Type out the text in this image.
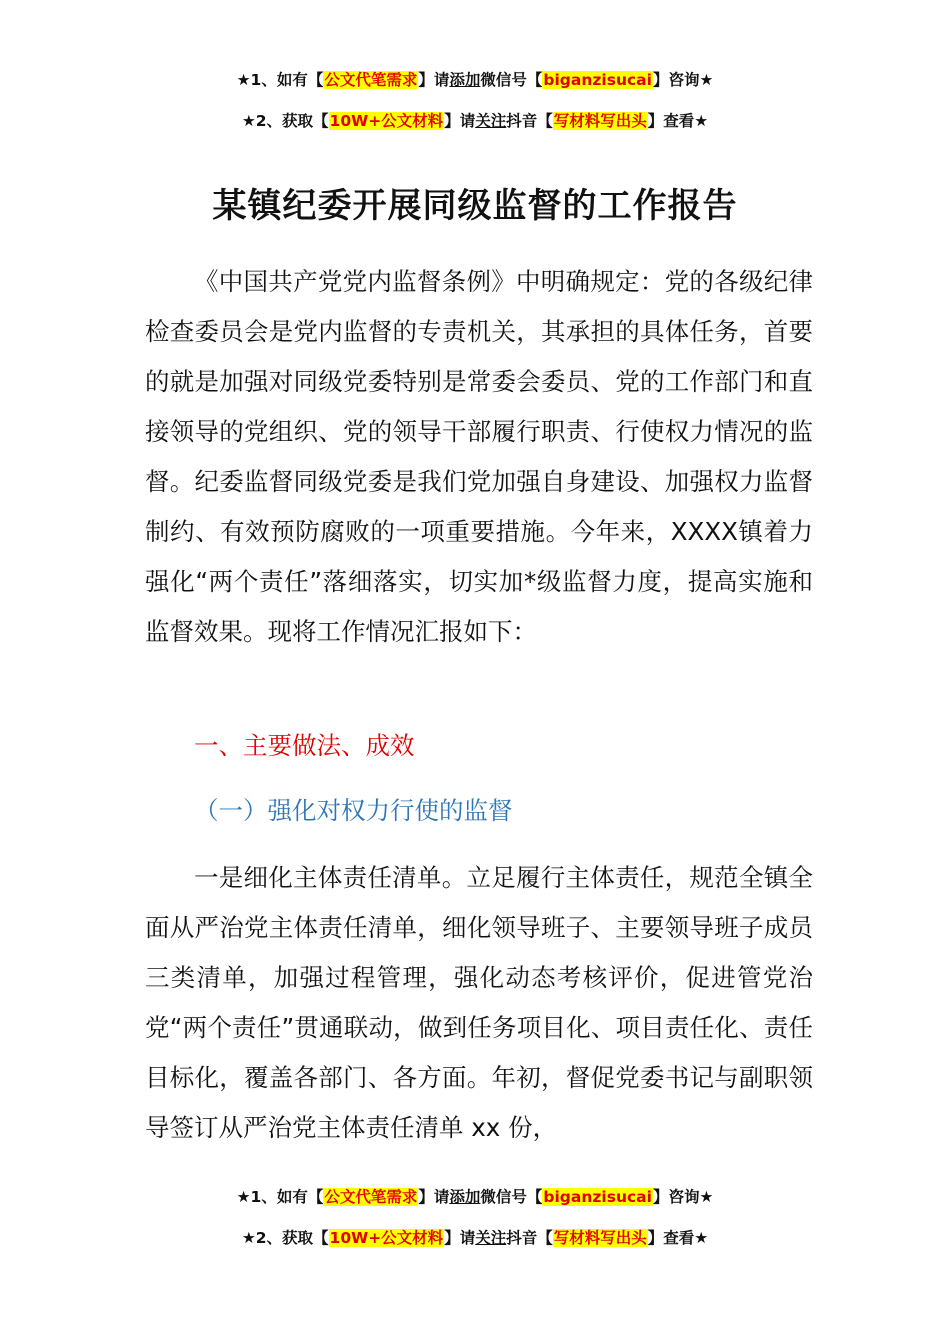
★1、如有【公文代笔需求】请添加微信号【biganzisucai】咨询★
★2、获取【10W+公文材料】请关注抖音【写材料写出头】查看★
某镇纪委开展同级监督的工作报告

《中国共产党党内监督条例》中明确规定：党的各级纪律检查委员会是党内监督的专责机关，其承担的具体任务，首要的就是加强对同级党委特别是常委会委员、党的工作部门和直接领导的党组织、党的领导干部履行职责、行使权力情况的监督。纪委监督同级党委是我们党加强自身建设、加强权力监督制约、有效预防腐败的一项重要措施。今年来，XXXX镇着力强化“两个责任”落细落实，切实加*级监督力度，提高实施和监督效果。现将工作情况汇报如下：

一、主要做法、成效

（一）强化对权力行使的监督

一是细化主体责任清单。立足履行主体责任，规范全镇全面从严治党主体责任清单，细化领导班子、主要领导班子成员三类清单，加强过程管理，强化动态考核评价，促进管党治党“两个责任”贯通联动，做到任务项目化、项目责任化、责任目标化，覆盖各部门、各方面。年初，督促党委书记与副职领导签订从严治党主体责任清单 xx 份，

★1、如有【公文代笔需求】请添加微信号【biganzisucai】咨询★
★2、获取【10W+公文材料】请关注抖音【写材料写出头】查看★
